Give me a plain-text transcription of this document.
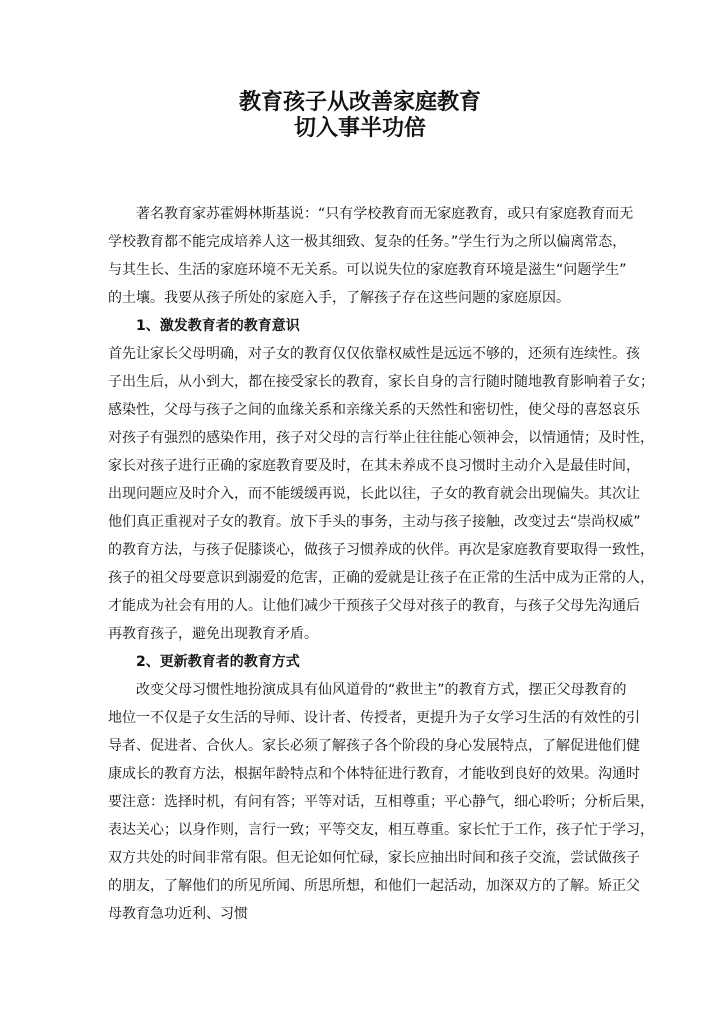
教育孩子从改善家庭教育
切入事半功倍
著名教育家苏霍姆林斯基说：“只有学校教育而无家庭教育，或只有家庭教育而无
学校教育都不能完成培养人这一极其细致、复杂的任务。”学生行为之所以偏离常态，
与其生长、生活的家庭环境不无关系。可以说失位的家庭教育环境是滋生“问题学生”
的土壤。我要从孩子所处的家庭入手，了解孩子存在这些问题的家庭原因。
1、激发教育者的教育意识
首先让家长父母明确，对子女的教育仅仅依靠权威性是远远不够的，还须有连续性。孩
子出生后，从小到大，都在接受家长的教育，家长自身的言行随时随地教育影响着子女；
感染性，父母与孩子之间的血缘关系和亲缘关系的天然性和密切性，使父母的喜怒哀乐
对孩子有强烈的感染作用，孩子对父母的言行举止往往能心领神会，以情通情；及时性，
家长对孩子进行正确的家庭教育要及时，在其未养成不良习惯时主动介入是最佳时间，
出现问题应及时介入，而不能缓缓再说，长此以往，子女的教育就会出现偏失。其次让
他们真正重视对子女的教育。放下手头的事务，主动与孩子接触，改变过去“崇尚权威”
的教育方法，与孩子促膝谈心，做孩子习惯养成的伙伴。再次是家庭教育要取得一致性，
孩子的祖父母要意识到溺爱的危害，正确的爱就是让孩子在正常的生活中成为正常的人，
才能成为社会有用的人。让他们减少干预孩子父母对孩子的教育，与孩子父母先沟通后
再教育孩子，避免出现教育矛盾。
2、更新教育者的教育方式
改变父母习惯性地扮演成具有仙风道骨的“救世主”的教育方式，摆正父母教育的
地位一不仅是子女生活的导师、设计者、传授者，更提升为子女学习生活的有效性的引
导者、促进者、合伙人。家长必须了解孩子各个阶段的身心发展特点，了解促进他们健
康成长的教育方法，根据年龄特点和个体特征进行教育，才能收到良好的效果。沟通时
要注意：选择时机，有问有答；平等对话，互相尊重；平心静气，细心聆听；分析后果，
表达关心；以身作则，言行一致；平等交友，相互尊重。家长忙于工作，孩子忙于学习，
双方共处的时间非常有限。但无论如何忙碌，家长应抽出时间和孩子交流，尝试做孩子
的朋友，了解他们的所见所闻、所思所想，和他们一起活动，加深双方的了解。矫正父
母教育急功近利、习惯
